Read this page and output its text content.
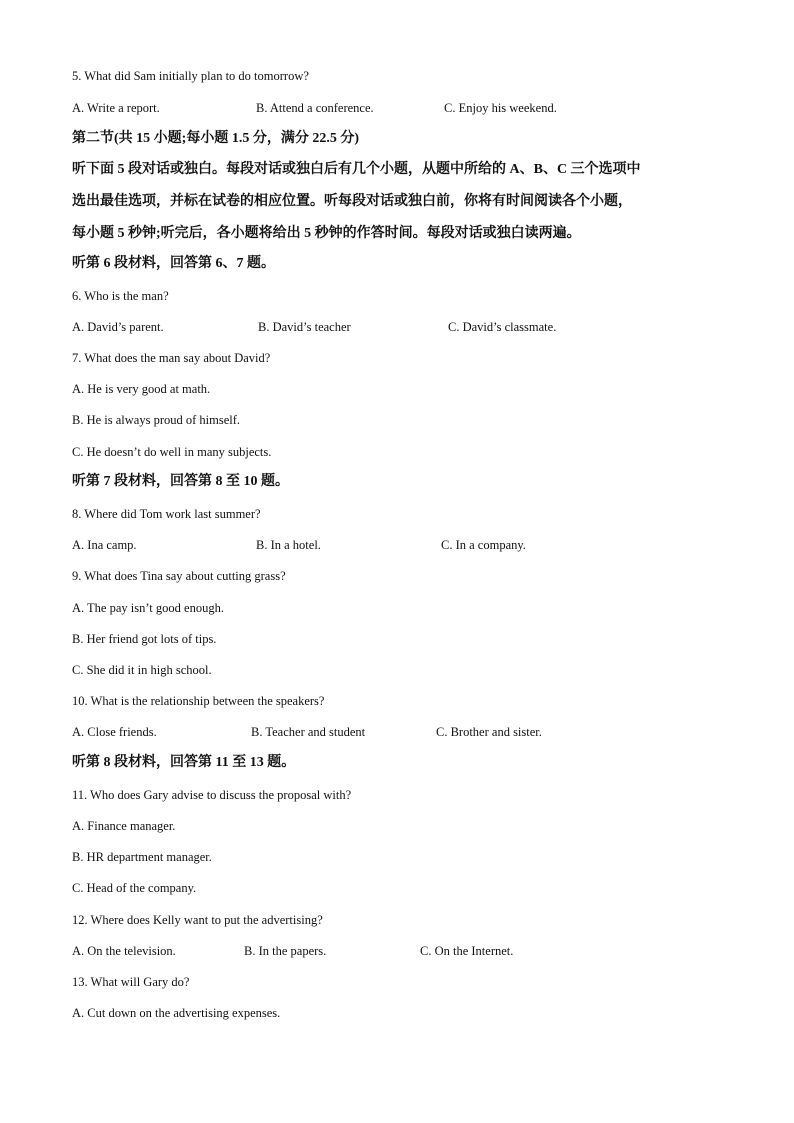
5. What did Sam initially plan to do tomorrow?
A. Write a report.	B. Attend a conference.	C. Enjoy his weekend.
第二节(共 15 小题;每小题 1.5 分，满分 22.5 分)
听下面 5 段对话或独白。每段对话或独白后有几个小题，从题中所给的 A、B、C 三个选项中
选出最佳选项，并标在试卷的相应位置。听每段对话或独白前，你将有时间阅读各个小题，
每小题 5 秒钟;听完后，各小题将给出 5 秒钟的作答时间。每段对话或独白读两遍。
听第 6 段材料，回答第 6、7 题。
6. Who is the man?
A. David’s parent.	B. David’s teacher	C. David’s classmate.
7. What does the man say about David?
A. He is very good at math.
B. He is always proud of himself.
C. He doesn’t do well in many subjects.
听第 7 段材料，回答第 8 至 10 题。
8. Where did Tom work last summer?
A. Ina camp.	B. In a hotel.	C. In a company.
9. What does Tina say about cutting grass?
A. The pay isn’t good enough.
B. Her friend got lots of tips.
C. She did it in high school.
10. What is the relationship between the speakers?
A. Close friends.	B. Teacher and student	C. Brother and sister.
听第 8 段材料，回答第 11 至 13 题。
11. Who does Gary advise to discuss the proposal with?
A. Finance manager.
B. HR department manager.
C. Head of the company.
12. Where does Kelly want to put the advertising?
A. On the television.	B. In the papers.	C. On the Internet.
13. What will Gary do?
A. Cut down on the advertising expenses.
